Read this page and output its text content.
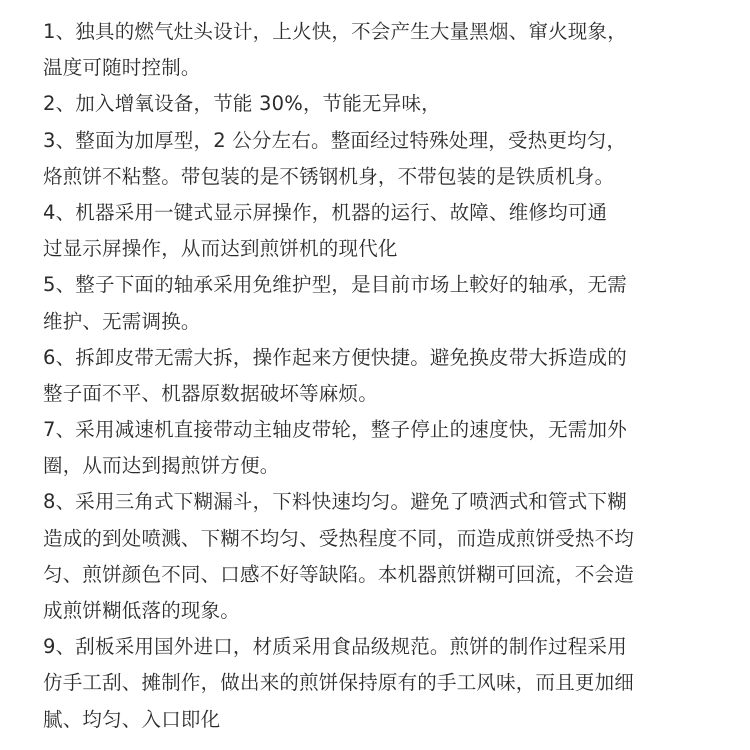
1、独具的燃气灶头设计，上火快，不会产生大量黑烟、窜火现象，
温度可随时控制。
2、加入增氧设备，节能 30%，节能无异味，
3、整面为加厚型，2 公分左右。整面经过特殊处理，受热更均匀，
烙煎饼不粘整。带包装的是不锈钢机身，不带包装的是铁质机身。
4、机器采用一键式显示屏操作，机器的运行、故障、维修均可通
过显示屏操作，从而达到煎饼机的现代化
5、整子下面的轴承采用免维护型，是目前市场上較好的轴承，无需
维护、无需调换。
6、拆卸皮带无需大拆，操作起来方便快捷。避免换皮带大拆造成的
整子面不平、机器原数据破坏等麻烦。
7、采用减速机直接带动主轴皮带轮，整子停止的速度快，无需加外
圈，从而达到揭煎饼方便。
8、采用三角式下糊漏斗，下料快速均匀。避免了喷洒式和管式下糊
造成的到处喷溅、下糊不均匀、受热程度不同，而造成煎饼受热不均
匀、煎饼颜色不同、口感不好等缺陷。本机器煎饼糊可回流，不会造
成煎饼糊低落的现象。
9、刮板采用国外进口，材质采用食品级规范。煎饼的制作过程采用
仿手工刮、摊制作，做出来的煎饼保持原有的手工风味，而且更加细
腻、均匀、入口即化
